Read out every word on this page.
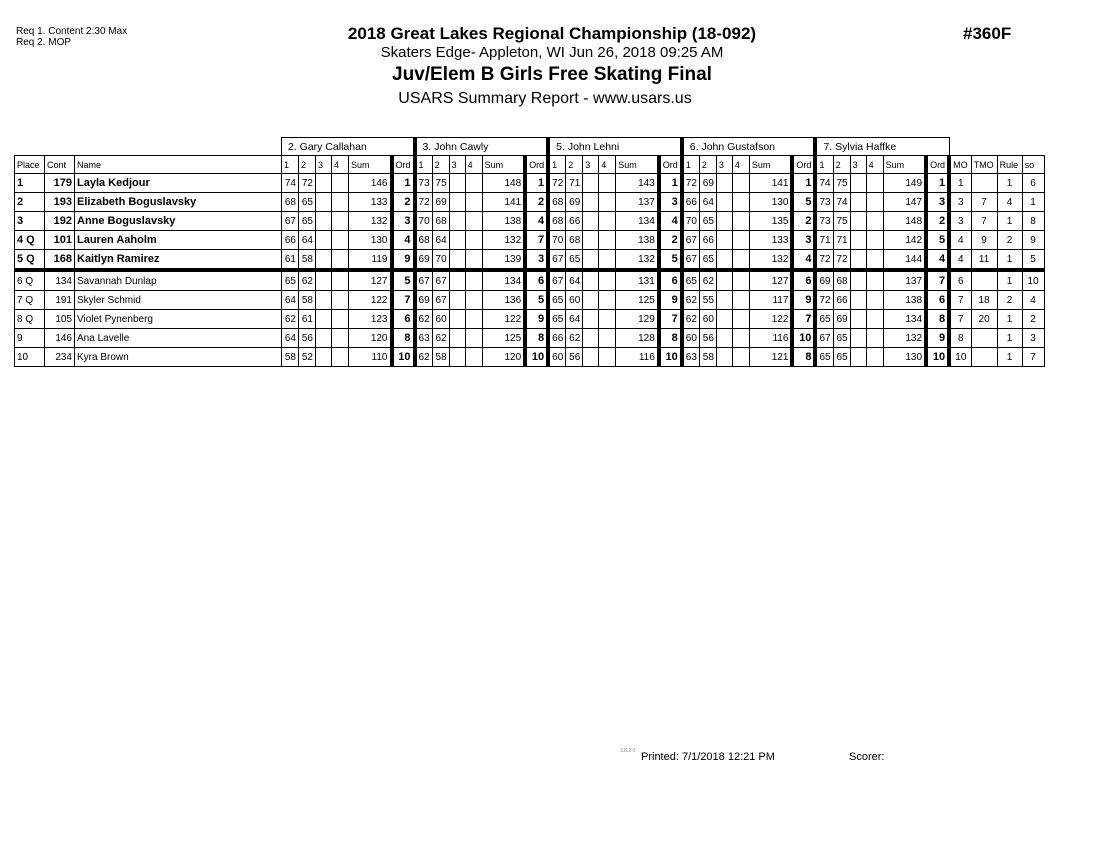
Req 1. Content 2:30 Max
Req 2. MOP	2018 Great Lakes Regional Championship (18-092)
Skaters Edge- Appleton, WI Jun 26, 2018 09:25 AM
Juv/Elem B Girls Free Skating Final
USARS Summary Report - www.usars.us
#360F
			2. Gary Callahan						3. John Cawly						5. John Lehni						6. John Gustafson						7. Sylvia Haffke									
Place	Cont	Name	1	2	3	4	Sum	Ord	1	2	3	4	Sum	Ord	1	2	3	4	Sum	Ord	1	2	3	4	Sum	Ord	1	2	3	4	Sum	Ord	MO	TMO	Rule	so
1	179	Layla Kedjour	74	72			146	1	73	75			148	1	72	71			143	1	72	69			141	1	74	75			149	1	1		1	6
2	193	Elizabeth Boguslavsky	68	65			133	2	72	69			141	2	68	69			137	3	66	64			130	5	73	74			147	3	3	7	4	1
3	192	Anne Boguslavsky	67	65			132	3	70	68			138	4	68	66			134	4	70	65			135	2	73	75			148	2	3	7	1	8
4 Q	101	Lauren Aaholm	66	64			130	4	68	64			132	7	70	68			138	2	67	66			133	3	71	71			142	5	4	9	2	9
5 Q	168	Kaitlyn Ramirez	61	58			119	9	69	70			139	3	67	65			132	5	67	65			132	4	72	72			144	4	4	11	1	5
6 Q	134	Savannah Dunlap	65	62			127	5	67	67			134	6	67	64			131	6	65	62			127	6	69	68			137	7	6		1	10
7 Q	191	Skyler Schmid	64	58			122	7	69	67			136	5	65	60			125	9	62	55			117	9	72	66			138	6	7	18	2	4
8 Q	105	Violet Pynenberg	62	61			123	6	62	60			122	9	65	64			129	7	62	60			122	7	65	69			134	8	7	20	1	2
9	146	Ana Lavelle	64	56			120	8	63	62			125	8	66	62			128	8	60	56			116	10	67	65			132	9	8		1	3
10	234	Kyra Brown	58	52			110	10	62	58			120	10	60	56			116	10	63	58			121	8	65	65			130	10	10		1	7
3.8.2.0 Printed: 7/1/2018 12:21 PM	Scorer:
